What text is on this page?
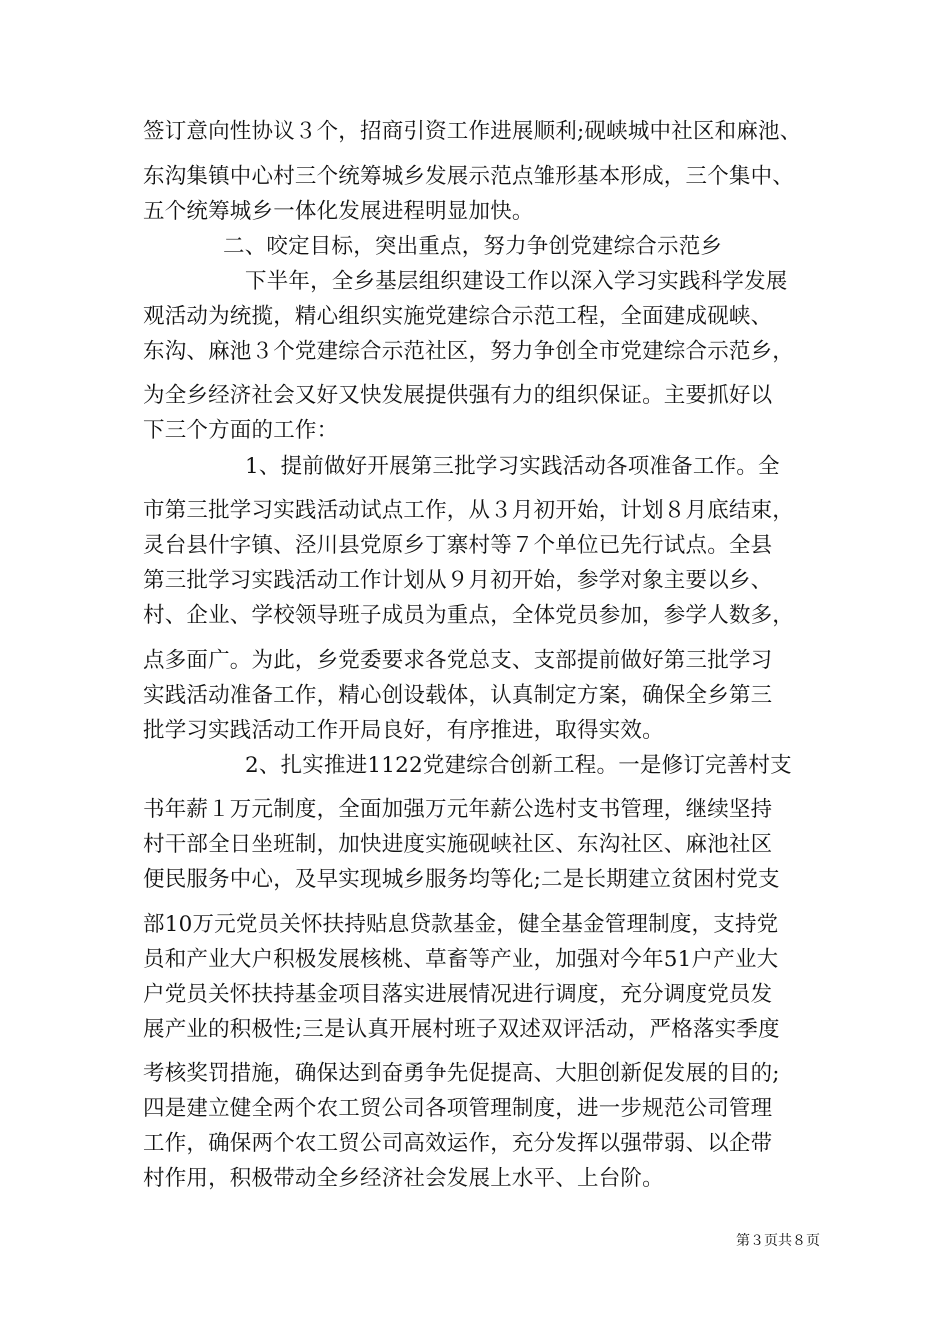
签订意向性协议３个，招商引资工作进展顺利;砚峡城中社区和麻池、
东沟集镇中心村三个统筹城乡发展示范点雏形基本形成，三个集中、
五个统筹城乡一体化发展进程明显加快。
二、咬定目标，突出重点，努力争创党建综合示范乡
下半年，全乡基层组织建设工作以深入学习实践科学发展
观活动为统揽，精心组织实施党建综合示范工程，全面建成砚峡、
东沟、麻池３个党建综合示范社区，努力争创全市党建综合示范乡，
为全乡经济社会又好又快发展提供强有力的组织保证。主要抓好以
下三个方面的工作：
1、提前做好开展第三批学习实践活动各项准备工作。全
市第三批学习实践活动试点工作，从３月初开始，计划８月底结束，
灵台县什字镇、泾川县党原乡丁寨村等７个单位已先行试点。全县
第三批学习实践活动工作计划从９月初开始，参学对象主要以乡、
村、企业、学校领导班子成员为重点，全体党员参加，参学人数多，
点多面广。为此，乡党委要求各党总支、支部提前做好第三批学习
实践活动准备工作，精心创设载体，认真制定方案，确保全乡第三
批学习实践活动工作开局良好，有序推进，取得实效。
2、扎实推进1122党建综合创新工程。一是修订完善村支
书年薪１万元制度，全面加强万元年薪公选村支书管理，继续坚持
村干部全日坐班制，加快进度实施砚峡社区、东沟社区、麻池社区
便民服务中心，及早实现城乡服务均等化;二是长期建立贫困村党支
部10万元党员关怀扶持贴息贷款基金，健全基金管理制度，支持党
员和产业大户积极发展核桃、草畜等产业，加强对今年51户产业大
户党员关怀扶持基金项目落实进展情况进行调度，充分调度党员发
展产业的积极性;三是认真开展村班子双述双评活动，严格落实季度
考核奖罚措施，确保达到奋勇争先促提高、大胆创新促发展的目的;
四是建立健全两个农工贸公司各项管理制度，进一步规范公司管理
工作，确保两个农工贸公司高效运作，充分发挥以强带弱、以企带
村作用，积极带动全乡经济社会发展上水平、上台阶。
第３页共８页
